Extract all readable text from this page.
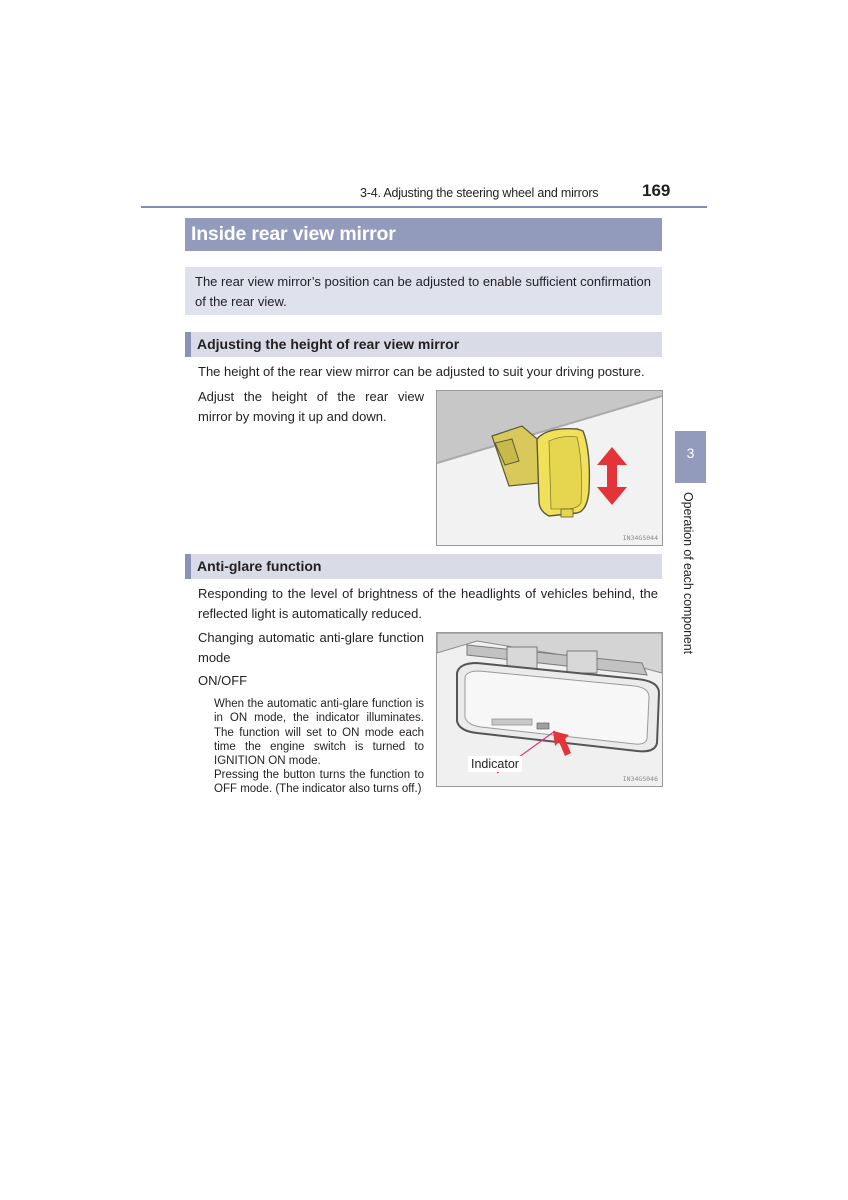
3-4. Adjusting the steering wheel and mirrors	169
Inside rear view mirror
The rear view mirror’s position can be adjusted to enable sufficient confirmation of the rear view.
Adjusting the height of rear view mirror
The height of the rear view mirror can be adjusted to suit your driving posture.
Adjust the height of the rear view mirror by moving it up and down.
IN34GS044
Anti-glare function
Responding to the level of brightness of the headlights of vehicles behind, the reflected light is automatically reduced.
Changing automatic anti-glare function mode
ON/OFF
When the automatic anti-glare function is in ON mode, the indicator illuminates. The function will set to ON mode each time the engine switch is turned to IGNITION ON mode.
Pressing the button turns the function to OFF mode. (The indicator also turns off.)
IN34GS046
Indicator
3
Operation of each component
